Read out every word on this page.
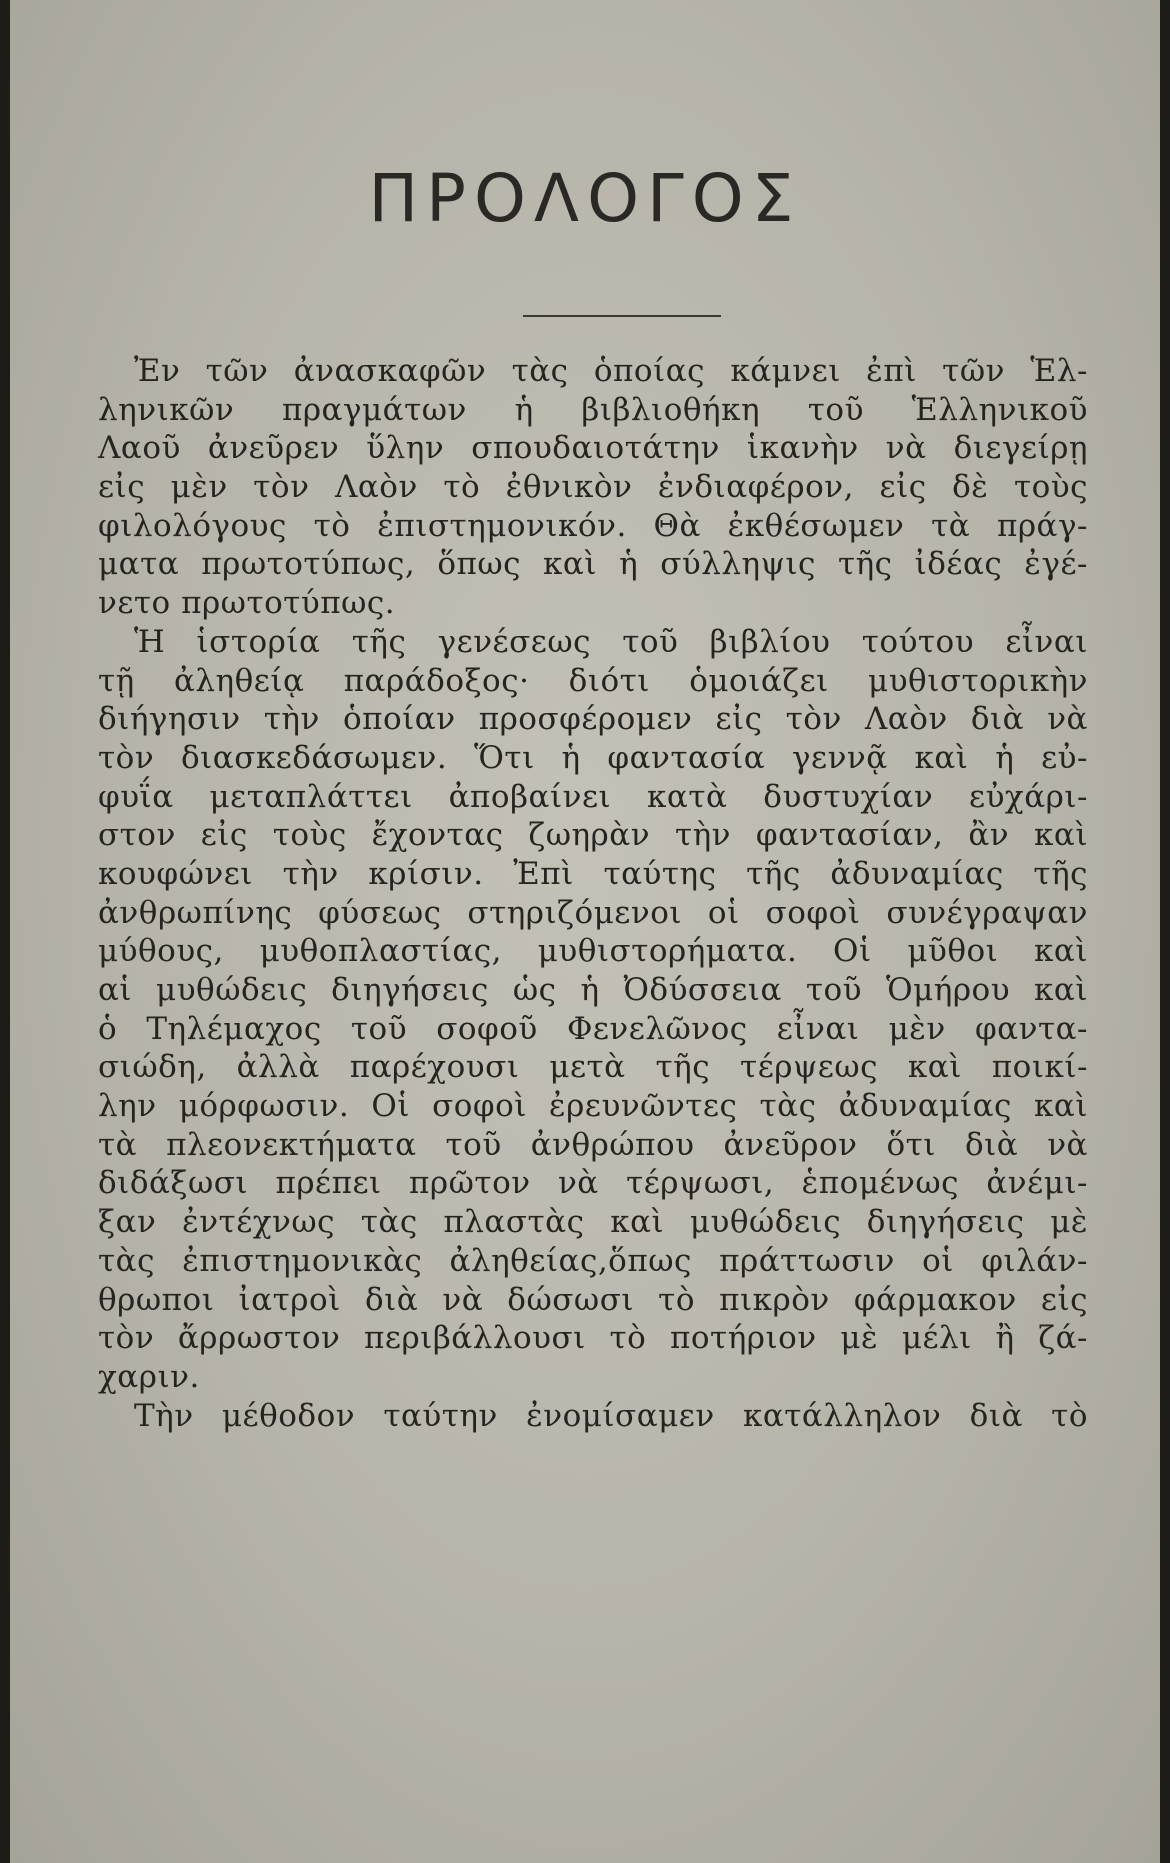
ΠΡΟΛΟΓΟΣ
Ἐν τῶν ἀνασκαφῶν τὰς ὁποίας κάμνει ἐπὶ τῶν Ἑλ-
ληνικῶν πραγμάτων ἡ βιβλιοθήκη τοῦ Ἑλληνικοῦ
Λαοῦ ἀνεῦρεν ὕλην σπουδαιοτάτην ἱκανὴν νὰ διεγείρῃ
εἰς μὲν τὸν Λαὸν τὸ ἐθνικὸν ἐνδιαφέρον, εἰς δὲ τοὺς
φιλολόγους τὸ ἐπιστημονικόν. Θὰ ἐκθέσωμεν τὰ πράγ-
ματα πρωτοτύπως, ὅπως καὶ ἡ σύλληψις τῆς ἰδέας ἐγέ-
νετο πρωτοτύπως.
Ἡ ἱστορία τῆς γενέσεως τοῦ βιβλίου τούτου εἶναι
τῇ ἀληθείᾳ παράδοξος· διότι ὁμοιάζει μυθιστορικὴν
διήγησιν τὴν ὁποίαν προσφέρομεν εἰς τὸν Λαὸν διὰ νὰ
τὸν διασκεδάσωμεν. Ὅτι ἡ φαντασία γεννᾷ καὶ ἡ εὐ-
φυΐα μεταπλάττει ἀποβαίνει κατὰ δυστυχίαν εὐχάρι-
στον εἰς τοὺς ἔχοντας ζωηρὰν τὴν φαντασίαν, ἂν καὶ
κουφώνει τὴν κρίσιν. Ἐπὶ ταύτης τῆς ἀδυναμίας τῆς
ἀνθρωπίνης φύσεως στηριζόμενοι οἱ σοφοὶ συνέγραψαν
μύθους, μυθοπλαστίας, μυθιστορήματα. Οἱ μῦθοι καὶ
αἱ μυθώδεις διηγήσεις ὡς ἡ Ὀδύσσεια τοῦ Ὁμήρου καὶ
ὁ Τηλέμαχος τοῦ σοφοῦ Φενελῶνος εἶναι μὲν φαντα-
σιώδη, ἀλλὰ παρέχουσι μετὰ τῆς τέρψεως καὶ ποικί-
λην μόρφωσιν. Οἱ σοφοὶ ἐρευνῶντες τὰς ἀδυναμίας καὶ
τὰ πλεονεκτήματα τοῦ ἀνθρώπου ἀνεῦρον ὅτι διὰ νὰ
διδάξωσι πρέπει πρῶτον νὰ τέρψωσι, ἑπομένως ἀνέμι-
ξαν ἐντέχνως τὰς πλαστὰς καὶ μυθώδεις διηγήσεις μὲ
τὰς ἐπιστημονικὰς ἀληθείας,ὅπως πράττωσιν οἱ φιλάν-
θρωποι ἰατροὶ διὰ νὰ δώσωσι τὸ πικρὸν φάρμακον εἰς
τὸν ἄρρωστον περιβάλλουσι τὸ ποτήριον μὲ μέλι ἢ ζά-
χαριν.
Τὴν μέθοδον ταύτην ἐνομίσαμεν κατάλληλον διὰ τὸ
